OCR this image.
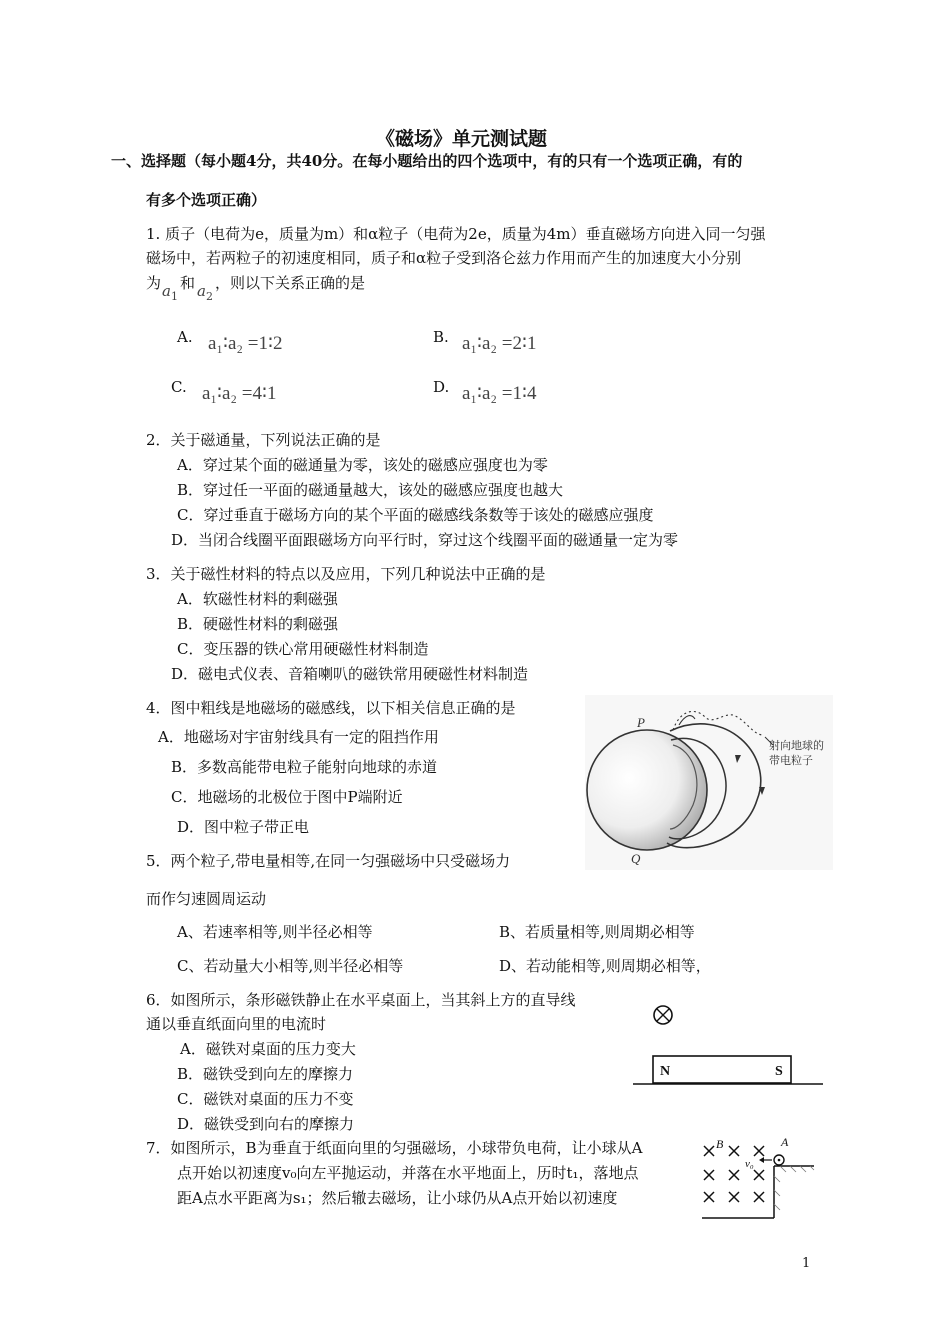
《磁场》单元测试题
一、选择题（每小题4分，共40分。在每小题给出的四个选项中，有的只有一个选项正确，有的
有多个选项正确）
1. 质子（电荷为e，质量为m）和α粒子（电荷为2e，质量为4m）垂直磁场方向进入同一匀强
磁场中，若两粒子的初速度相同，质子和α粒子受到洛仑兹力作用而产生的加速度大小分别
为 $a_1$
和 $a_2$
，则以下关系正确的是
A. a₁∶a₂ =1∶2	B. a₁∶a₂ =2∶1
C. a₁∶a₂ =4∶1	D. a₁∶a₂ =1∶4
2．关于磁通量，下列说法正确的是
A．穿过某个面的磁通量为零，该处的磁感应强度也为零
B．穿过任一平面的磁通量越大，该处的磁感应强度也越大
C．穿过垂直于磁场方向的某个平面的磁感线条数等于该处的磁感应强度
D．当闭合线圈平面跟磁场方向平行时，穿过这个线圈平面的磁通量一定为零
3．关于磁性材料的特点以及应用，下列几种说法中正确的是
A．软磁性材料的剩磁强
B．硬磁性材料的剩磁强
C．变压器的铁心常用硬磁性材料制造
D．磁电式仪表、音箱喇叭的磁铁常用硬磁性材料制造
4．图中粗线是地磁场的磁感线，以下相关信息正确的是
A．地磁场对宇宙射线具有一定的阻挡作用
B．多数高能带电粒子能射向地球的赤道
C．地磁场的北极位于图中P端附近
D．图中粒子带正电
P
Q
射向地球的
带电粒子
5．两个粒子,带电量相等,在同一匀强磁场中只受磁场力
而作匀速圆周运动
A、若速率相等,则半径必相等	B、若质量相等,则周期必相等
C、若动量大小相等,则半径必相等	D、若动能相等,则周期必相等，
6．如图所示，条形磁铁静止在水平桌面上，当其斜上方的直导线
通以垂直纸面向里的电流时
A．磁铁对桌面的压力变大
B．磁铁受到向左的摩擦力
C．磁铁对桌面的压力不变
D．磁铁受到向右的摩擦力
N	S
7．如图所示，B为垂直于纸面向里的匀强磁场，小球带负电荷，让小球从A
点开始以初速度v₀向左平抛运动，并落在水平地面上，历时t₁，落地点
距A点水平距离为s₁；然后辙去磁场，让小球仍从A点开始以初速度
B	A
v₀
1
